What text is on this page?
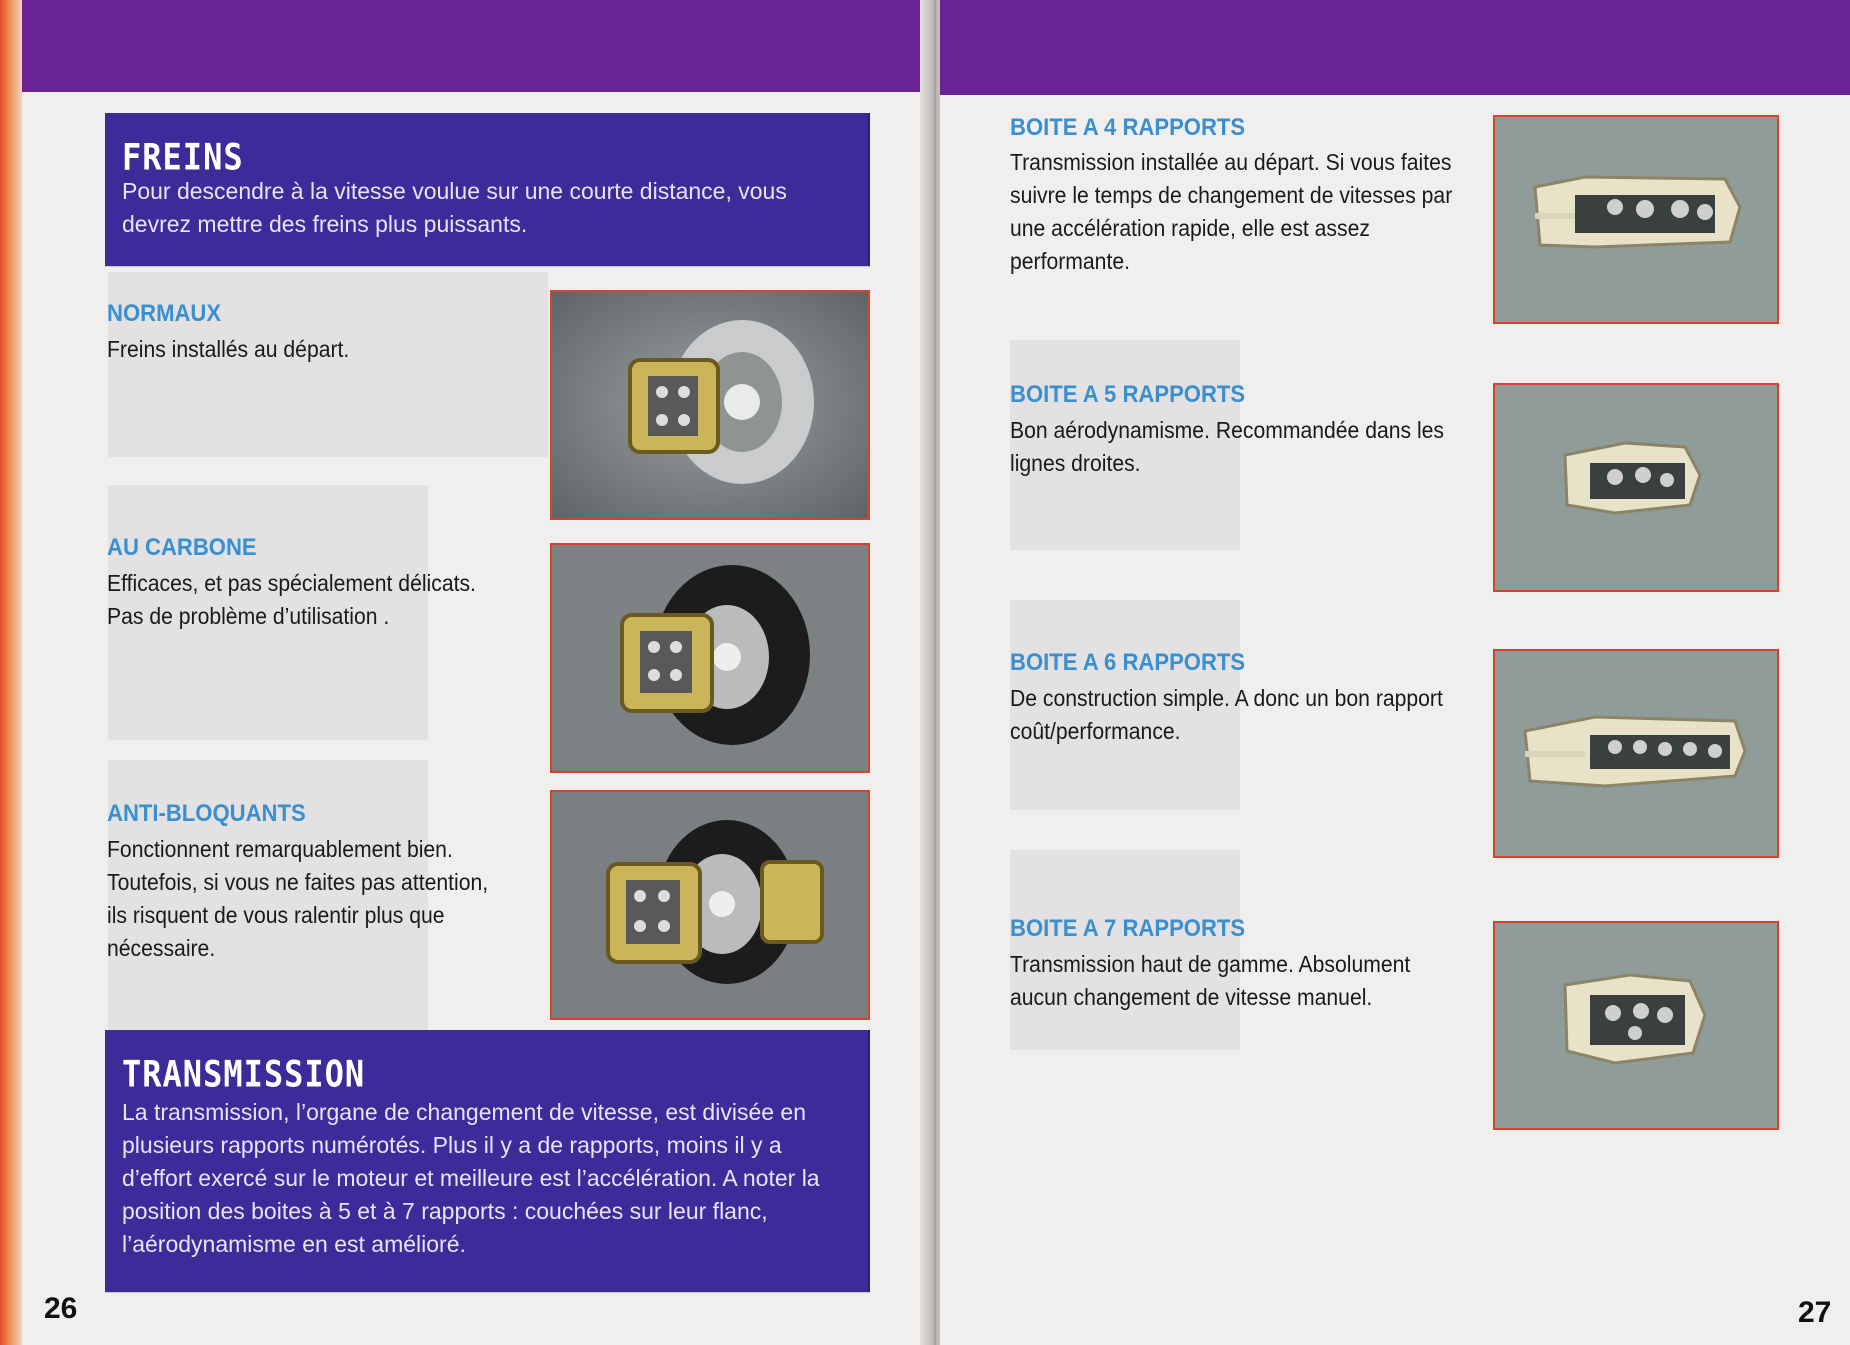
FREINS
Pour descendre à la vitesse voulue sur une courte distance, vous devrez mettre des freins plus puissants.
NORMAUX
Freins installés au départ.
AU CARBONE
Efficaces, et pas spécialement délicats. Pas de problème d’utilisation .
ANTI-BLOQUANTS
Fonctionnent remarquablement bien. Toutefois, si vous ne faites pas attention, ils risquent de vous ralentir plus que nécessaire.
TRANSMISSION
La transmission, l’organe de changement de vitesse, est divisée en plusieurs rapports numérotés. Plus il y a de rapports, moins il y a d’effort exercé sur le moteur et meilleure est l’accélération. A noter la position des boites à 5 et à 7 rapports : couchées sur leur flanc, l’aérodynamisme en est amélioré.
26
BOITE A 4 RAPPORTS
Transmission installée au départ. Si vous faites suivre le temps de changement de vitesses par une accélération rapide, elle est assez performante.
BOITE A 5 RAPPORTS
Bon aérodynamisme. Recommandée dans les lignes droites.
BOITE A 6 RAPPORTS
De construction simple. A donc un bon rapport coût/performance.
BOITE A 7 RAPPORTS
Transmission haut de gamme. Absolument aucun changement de vitesse manuel.
27
